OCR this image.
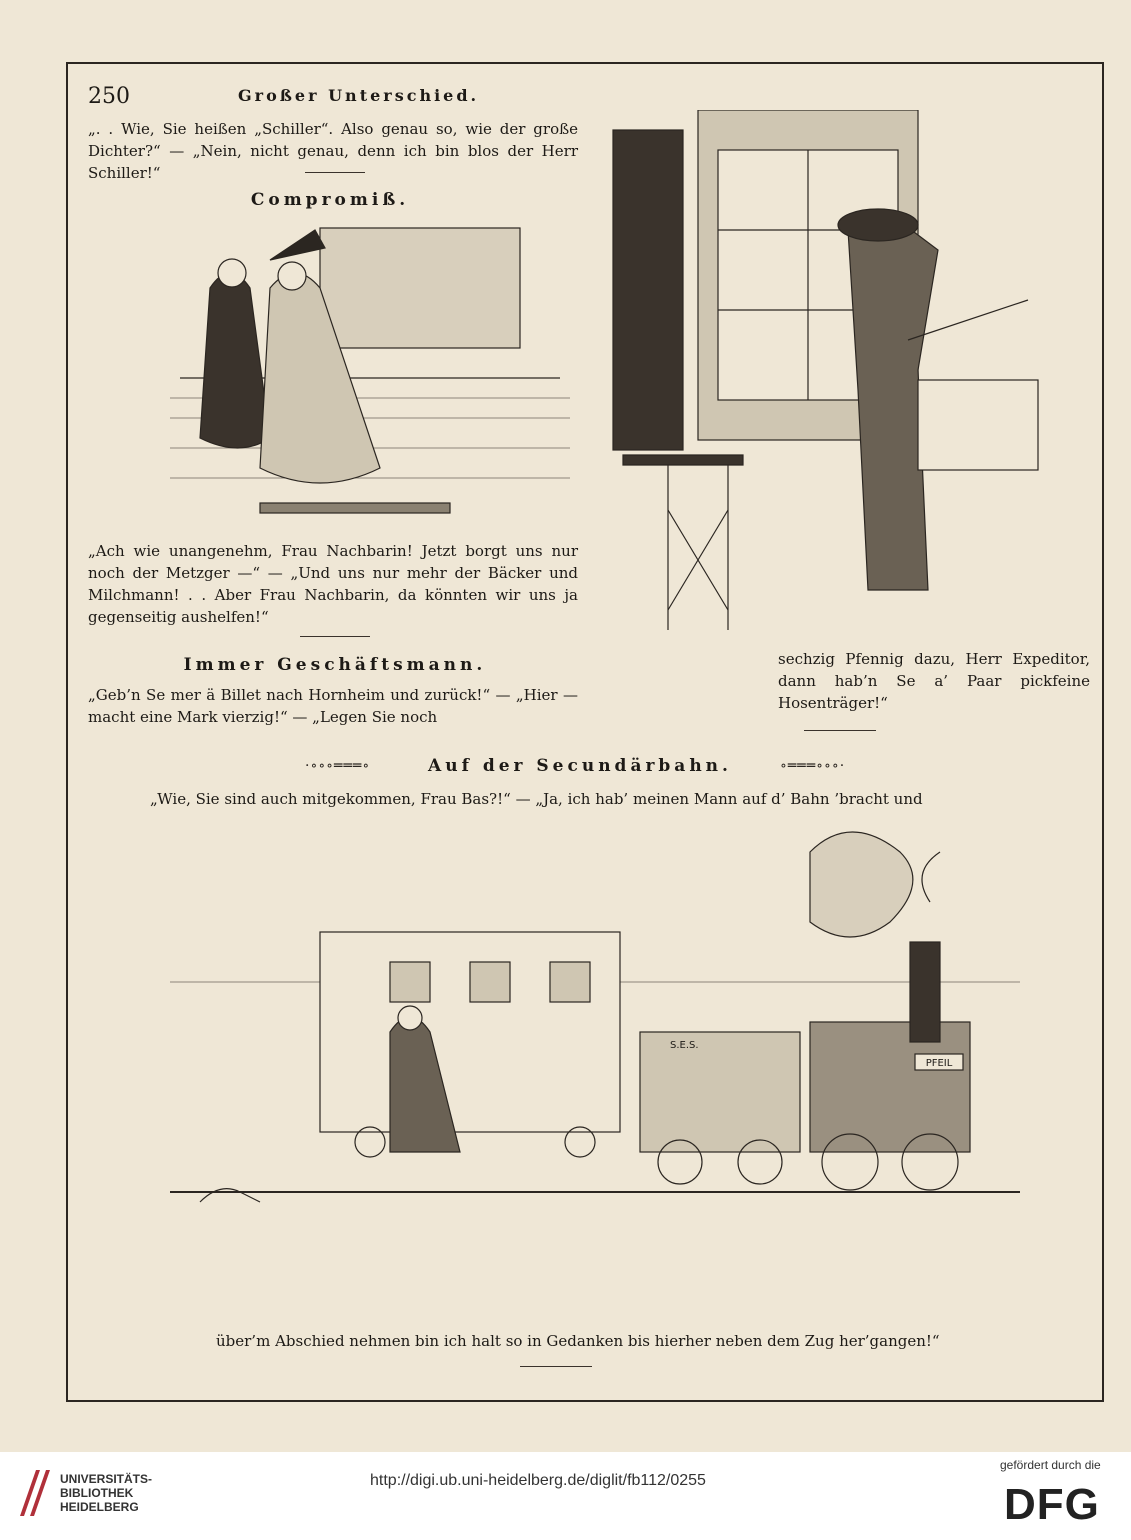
250	Großer Unterschied.
„. . Wie, Sie heißen „Schiller“. Also genau so, wie der große Dichter?“ — „Nein, nicht genau, denn ich bin blos der Herr Schiller!“
Compromiß.
„Ach wie unangenehm, Frau Nachbarin! Jetzt borgt uns nur noch der Metzger —“ — „Und uns nur mehr der Bäcker und Milchmann! . . Aber Frau Nachbarin, da könnten wir uns ja gegenseitig aushelfen!“
Immer Geschäftsmann.
„Geb’n Se mer ä Billet nach Hornheim und zurück!“ — „Hier — macht eine Mark vierzig!“ — „Legen Sie noch
sechzig Pfennig dazu, Herr Expeditor, dann hab’n Se a’ Paar pickfeine Hosenträger!“
·∘∘∘═══∘	Auf der Secundärbahn.	∘═══∘∘∘·
„Wie, Sie sind auch mitgekommen, Frau Bas?!“ — „Ja, ich hab’ meinen Mann auf d’ Bahn ’bracht und
PFEIL
S.E.S.
über’m Abschied nehmen bin ich halt so in Gedanken bis hierher neben dem Zug her’gangen!“
UNIVERSITÄTS-
BIBLIOTHEK
HEIDELBERG
http://digi.ub.uni-heidelberg.de/diglit/fb112/0255
gefördert durch die
DFG
